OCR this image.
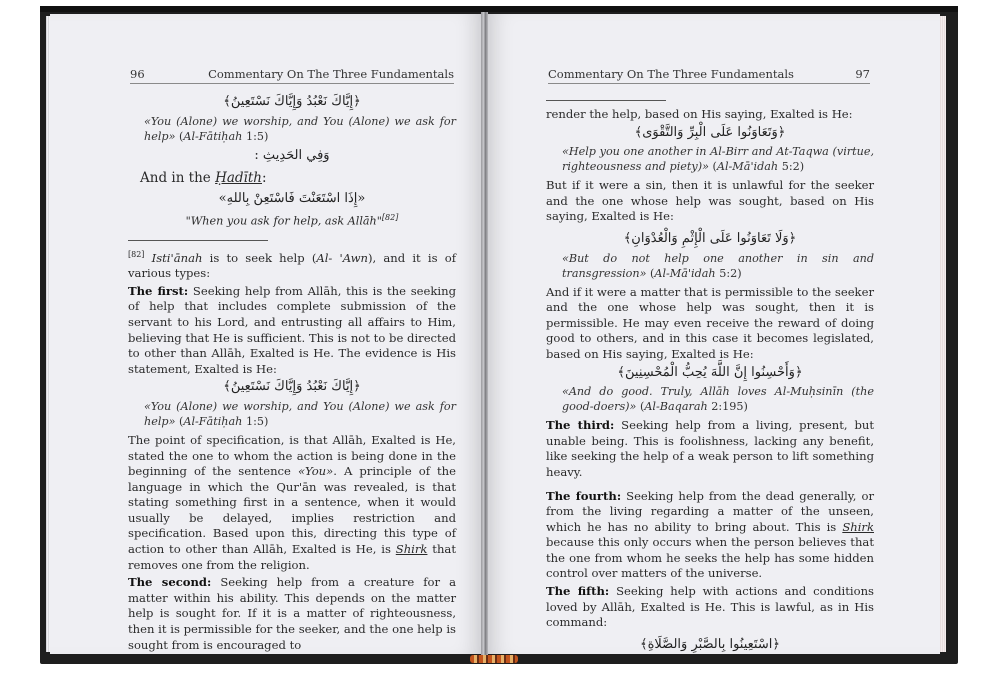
96	Commentary On The Three Fundamentals
﴿إِيَّاكَ نَعْبُدُ وَإِيَّاكَ نَسْتَعِينُ﴾
«You (Alone) we worship, and You (Alone) we ask for help» (Al-Fātiḥah 1:5)
وَفِي الحَدِيثِ :
And in the Ḥadīth:
«إِذَا اسْتَعَنْتَ فَاسْتَعِنْ بِاللهِ»
"When you ask for help, ask Allāh"[82]

[82] Isti'ānah is to seek help (Al- 'Awn), and it is of various types:

The first: Seeking help from Allāh, this is the seeking of help that includes complete submission of the servant to his Lord, and entrusting all affairs to Him, believing that He is sufficient. This is not to be directed to other than Allāh, Exalted is He. The evidence is His statement, Exalted is He:

﴿إِيَّاكَ نَعْبُدُ وَإِيَّاكَ نَسْتَعِينُ﴾
«You (Alone) we worship, and You (Alone) we ask for help» (Al-Fātiḥah 1:5)

The point of specification, is that Allāh, Exalted is He, stated the one to whom the action is being done in the beginning of the sentence «You». A principle of the language in which the Qur'ān was revealed, is that stating something first in a sentence, when it would usually be delayed, implies restriction and specification. Based upon this, directing this type of action to other than Allāh, Exalted is He, is Shirk that removes one from the religion.

The second: Seeking help from a creature for a matter within his ability. This depends on the matter help is sought for. If it is a matter of righteousness, then it is permissible for the seeker, and the one help is sought from is encouraged to

Commentary On The Three Fundamentals	97

render the help, based on His saying, Exalted is He:

﴿وَتَعَاوَنُوا عَلَى الْبِرِّ وَالتَّقْوَى﴾
«Help you one another in Al-Birr and At-Taqwa (virtue, righteousness and piety)» (Al-Mā'idah 5:2)

But if it were a sin, then it is unlawful for the seeker and the one whose help was sought, based on His saying, Exalted is He:

﴿وَلَا تَعَاوَنُوا عَلَى الْإِثْمِ وَالْعُدْوَانِ﴾
«But do not help one another in sin and transgression» (Al-Mā'idah 5:2)

And if it were a matter that is permissible to the seeker and the one whose help was sought, then it is permissible. He may even receive the reward of doing good to others, and in this case it becomes legislated, based on His saying, Exalted is He:

﴿وَأَحْسِنُوا إِنَّ اللَّهَ يُحِبُّ الْمُحْسِنِينَ﴾
«And do good. Truly, Allāh loves Al-Muḥsinīn (the good-doers)» (Al-Baqarah 2:195)

The third: Seeking help from a living, present, but unable being. This is foolishness, lacking any benefit, like seeking the help of a weak person to lift something heavy.

The fourth: Seeking help from the dead generally, or from the living regarding a matter of the unseen, which he has no ability to bring about. This is Shirk because this only occurs when the person believes that the one from whom he seeks the help has some hidden control over matters of the universe.

The fifth: Seeking help with actions and conditions loved by Allāh, Exalted is He. This is lawful, as in His command:

﴿اسْتَعِينُوا بِالصَّبْرِ وَالصَّلَاةِ﴾
